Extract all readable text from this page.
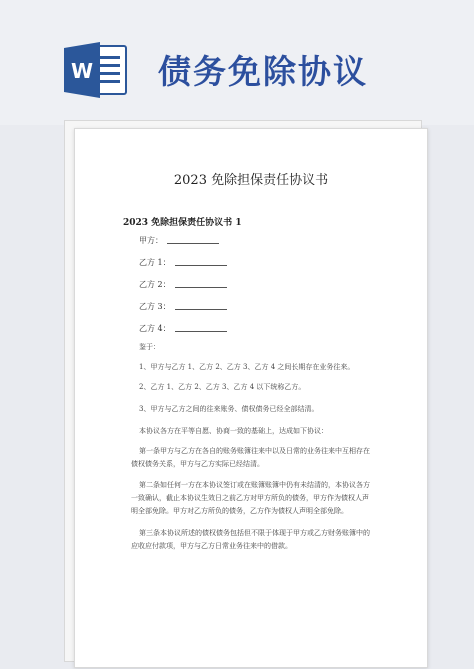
W 债务免除协议
2023 免除担保责任协议书
2023 免除担保责任协议书 1
甲方：
乙方 1：
乙方 2：
乙方 3：
乙方 4：
鉴于：
1、甲方与乙方 1、乙方 2、乙方 3、乙方 4 之间长期存在业务往来。
2、乙方 1、乙方 2、乙方 3、乙方 4 以下统称乙方。
3、甲方与乙方之间的往来账务、债权债务已经全部结清。
本协议各方在平等自愿、协商一致的基础上，达成如下协议：
第一条甲方与乙方在各自的账务账簿往来中以及日常的业务往来中互相存在债权债务关系，甲方与乙方实际已经结清。
第二条如任何一方在本协议签订或在账簿账簿中仍有未结清的，本协议各方一致确认，截止本协议生效日之前乙方对甲方所负的债务，甲方作为债权人声明全部免除。甲方对乙方所负的债务，乙方作为债权人声明全部免除。
第三条本协议所述的债权债务包括但不限于体现于甲方或乙方财务账簿中的应收应付款项，甲方与乙方日常业务往来中的借款。
